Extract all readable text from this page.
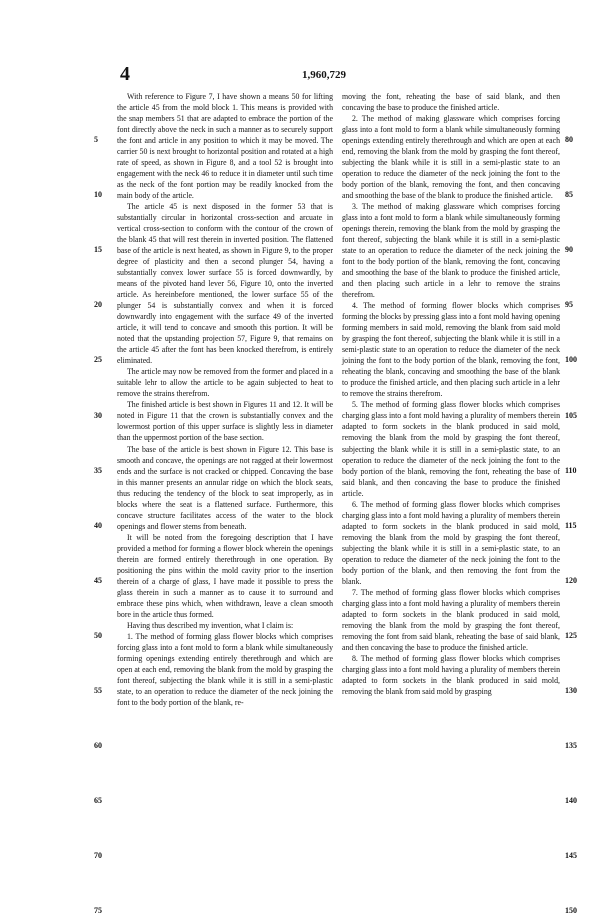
4	1,960,729
5
10
15
20
25
30
35
40
45
50
55
60
65
70
75

With reference to Figure 7, I have shown a means 50 for lifting the article 45 from the mold block 1. This means is provided with the snap members 51 that are adapted to embrace the portion of the font directly above the neck in such a manner as to securely support the font and article in any position to which it may be moved. The carrier 50 is next brought to horizontal position and rotated at a high rate of speed, as shown in Figure 8, and a tool 52 is brought into engagement with the neck 46 to reduce it in diameter until such time as the neck of the font portion may be readily knocked from the main body of the article.

The article 45 is next disposed in the former 53 that is substantially circular in horizontal cross-section and arcuate in vertical cross-section to conform with the contour of the crown of the blank 45 that will rest therein in inverted position. The flattened base of the article is next heated, as shown in Figure 9, to the proper degree of plasticity and then a second plunger 54, having a substantially convex lower surface 55 is forced downwardly, by means of the pivoted hand lever 56, Figure 10, onto the inverted article. As hereinbefore mentioned, the lower surface 55 of the plunger 54 is substantially convex and when it is forced downwardly into engagement with the surface 49 of the inverted article, it will tend to concave and smooth this portion. It will be noted that the upstanding projection 57, Figure 9, that remains on the article 45 after the font has been knocked therefrom, is entirely eliminated.

The article may now be removed from the former and placed in a suitable lehr to allow the article to be again subjected to heat to remove the strains therefrom.

The finished article is best shown in Figures 11 and 12. It will be noted in Figure 11 that the crown is substantially convex and the lowermost portion of this upper surface is slightly less in diameter than the uppermost portion of the base section.

The base of the article is best shown in Figure 12. This base is smooth and concave, the openings are not ragged at their lowermost ends and the surface is not cracked or chipped. Concaving the base in this manner presents an annular ridge on which the block seats, thus reducing the tendency of the block to seat improperly, as in blocks where the seat is a flattened surface. Furthermore, this concave structure facilitates access of the water to the block openings and flower stems from beneath.

It will be noted from the foregoing description that I have provided a method for forming a flower block wherein the openings therein are formed entirely therethrough in one operation. By positioning the pins within the mold cavity prior to the insertion therein of a charge of glass, I have made it possible to press the glass therein in such a manner as to cause it to surround and embrace these pins which, when withdrawn, leave a clean smooth bore in the article thus formed.

Having thus described my invention, what I claim is:

1. The method of forming glass flower blocks which comprises forcing glass into a font mold to form a blank while simultaneously forming openings extending entirely therethrough and which are open at each end, removing the blank from the mold by grasping the font thereof, subjecting the blank while it is still in a semi-plastic state, to an operation to reduce the diameter of the neck joining the font to the body portion of the blank, re-

moving the font, reheating the base of said blank, and then concaving the base to produce the finished article.

2. The method of making glassware which comprises forcing glass into a font mold to form a blank while simultaneously forming openings extending entirely therethrough and which are open at each end, removing the blank from the mold by grasping the font thereof, subjecting the blank while it is still in a semi-plastic state to an operation to reduce the diameter of the neck joining the font to the body portion of the blank, removing the font, and then concaving and smoothing the base of the blank to produce the finished article.

3. The method of making glassware which comprises forcing glass into a font mold to form a blank while simultaneously forming openings therein, removing the blank from the mold by grasping the font thereof, subjecting the blank while it is still in a semi-plastic state to an operation to reduce the diameter of the neck joining the font to the body portion of the blank, removing the font, concaving and smoothing the base of the blank to produce the finished article, and then placing such article in a lehr to remove the strains therefrom.

4. The method of forming flower blocks which comprises forming the blocks by pressing glass into a font mold having opening forming members in said mold, removing the blank from said mold by grasping the font thereof, subjecting the blank while it is still in a semi-plastic state to an operation to reduce the diameter of the neck joining the font to the body portion of the blank, removing the font, reheating the blank, concaving and smoothing the base of the blank to produce the finished article, and then placing such article in a lehr to remove the strains therefrom.

5. The method of forming glass flower blocks which comprises charging glass into a font mold having a plurality of members therein adapted to form sockets in the blank produced in said mold, removing the blank from the mold by grasping the font thereof, subjecting the blank while it is still in a semi-plastic state, to an operation to reduce the diameter of the neck joining the font to the body portion of the blank, removing the font, reheating the base of said blank, and then concaving the base to produce the finished article.

6. The method of forming glass flower blocks which comprises charging glass into a font mold having a plurality of members therein adapted to form sockets in the blank produced in said mold, removing the blank from the mold by grasping the font thereof, subjecting the blank while it is still in a semi-plastic state, to an operation to reduce the diameter of the neck joining the font to the body portion of the blank, and then removing the font from the blank.

7. The method of forming glass flower blocks which comprises charging glass into a font mold having a plurality of members therein adapted to form sockets in the blank produced in said mold, removing the blank from the mold by grasping the font thereof, removing the font from said blank, reheating the base of said blank, and then concaving the base to produce the finished article.

8. The method of forming glass flower blocks which comprises charging glass into a font mold having a plurality of members therein adapted to form sockets in the blank produced in said mold, removing the blank from said mold by grasping

80
85
90
95
100
105
110
115
120
125
130
135
140
145
150
